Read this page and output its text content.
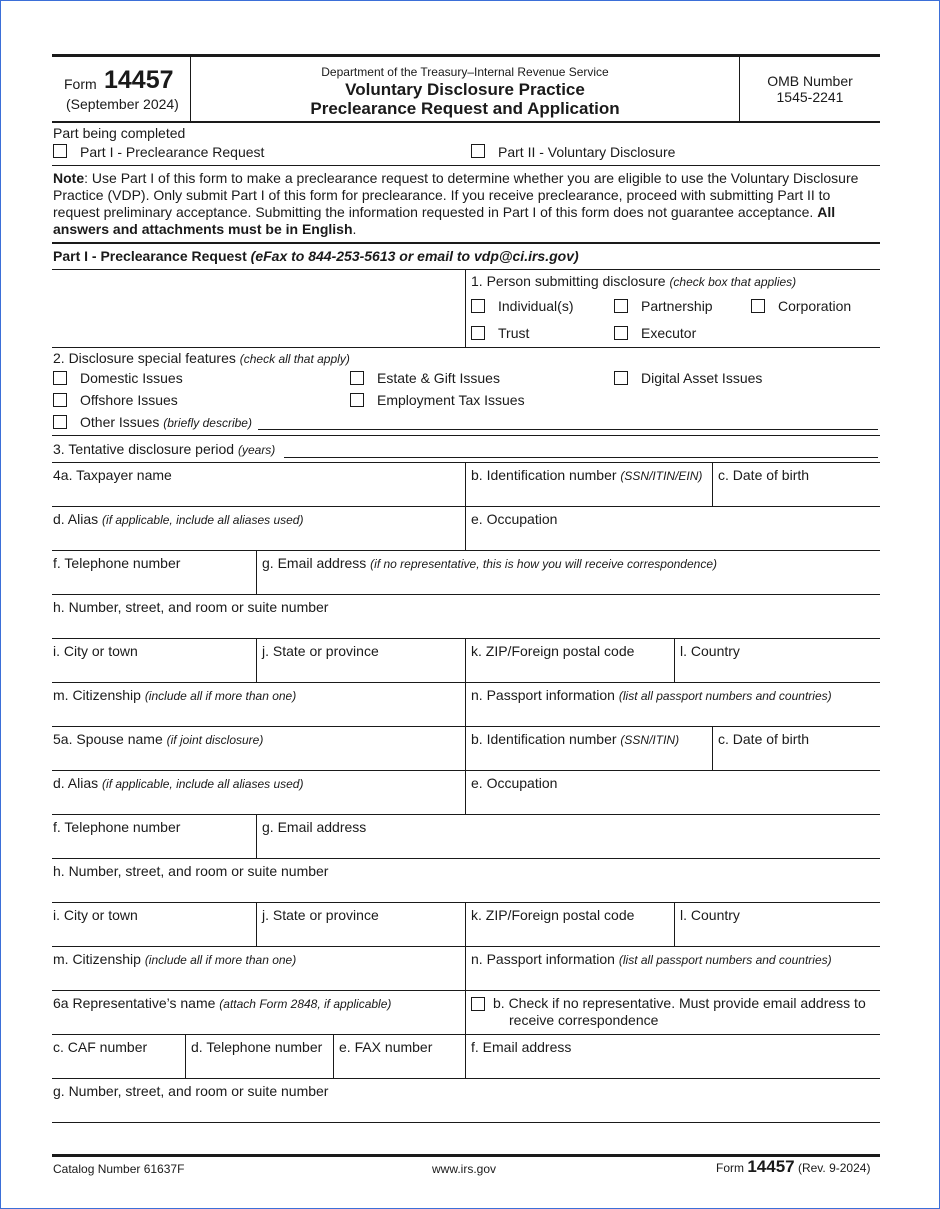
Form 14457
(September 2024)
Department of the Treasury–Internal Revenue Service
Voluntary Disclosure Practice
Preclearance Request and Application
OMB Number
1545-2241
Part being completed
Part I - Preclearance Request	Part II - Voluntary Disclosure
Note: Use Part I of this form to make a preclearance request to determine whether you are eligible to use the Voluntary Disclosure Practice (VDP). Only submit Part I of this form for preclearance. If you receive preclearance, proceed with submitting Part II to request preliminary acceptance. Submitting the information requested in Part I of this form does not guarantee acceptance. All answers and attachments must be in English.
Part I - Preclearance Request (eFax to 844-253-5613 or email to vdp@ci.irs.gov)
1. Person submitting disclosure (check box that applies)
Individual(s)	Partnership	Corporation
Trust	Executor
2. Disclosure special features (check all that apply)
Domestic Issues	Estate & Gift Issues	Digital Asset Issues
Offshore Issues	Employment Tax Issues
Other Issues (briefly describe)
3. Tentative disclosure period (years)
4a. Taxpayer name	b. Identification number (SSN/ITIN/EIN) c. Date of birth
d. Alias (if applicable, include all aliases used)	e. Occupation
f. Telephone number	g. Email address (if no representative, this is how you will receive correspondence)
h. Number, street, and room or suite number
i. City or town	j. State or province	k. ZIP/Foreign postal code	l. Country
m. Citizenship (include all if more than one)	n. Passport information (list all passport numbers and countries)
5a. Spouse name (if joint disclosure)	b. Identification number (SSN/ITIN)	c. Date of birth
d. Alias (if applicable, include all aliases used)	e. Occupation
f. Telephone number	g. Email address
h. Number, street, and room or suite number
i. City or town	j. State or province	k. ZIP/Foreign postal code	l. Country
m. Citizenship (include all if more than one)	n. Passport information (list all passport numbers and countries)
6a Representative’s name (attach Form 2848, if applicable)	b. Check if no representative. Must provide email address to
receive correspondence
c. CAF number	d. Telephone number e. FAX number	f. Email address
g. Number, street, and room or suite number
Catalog Number 61637F	www.irs.gov	Form 14457 (Rev. 9-2024)
